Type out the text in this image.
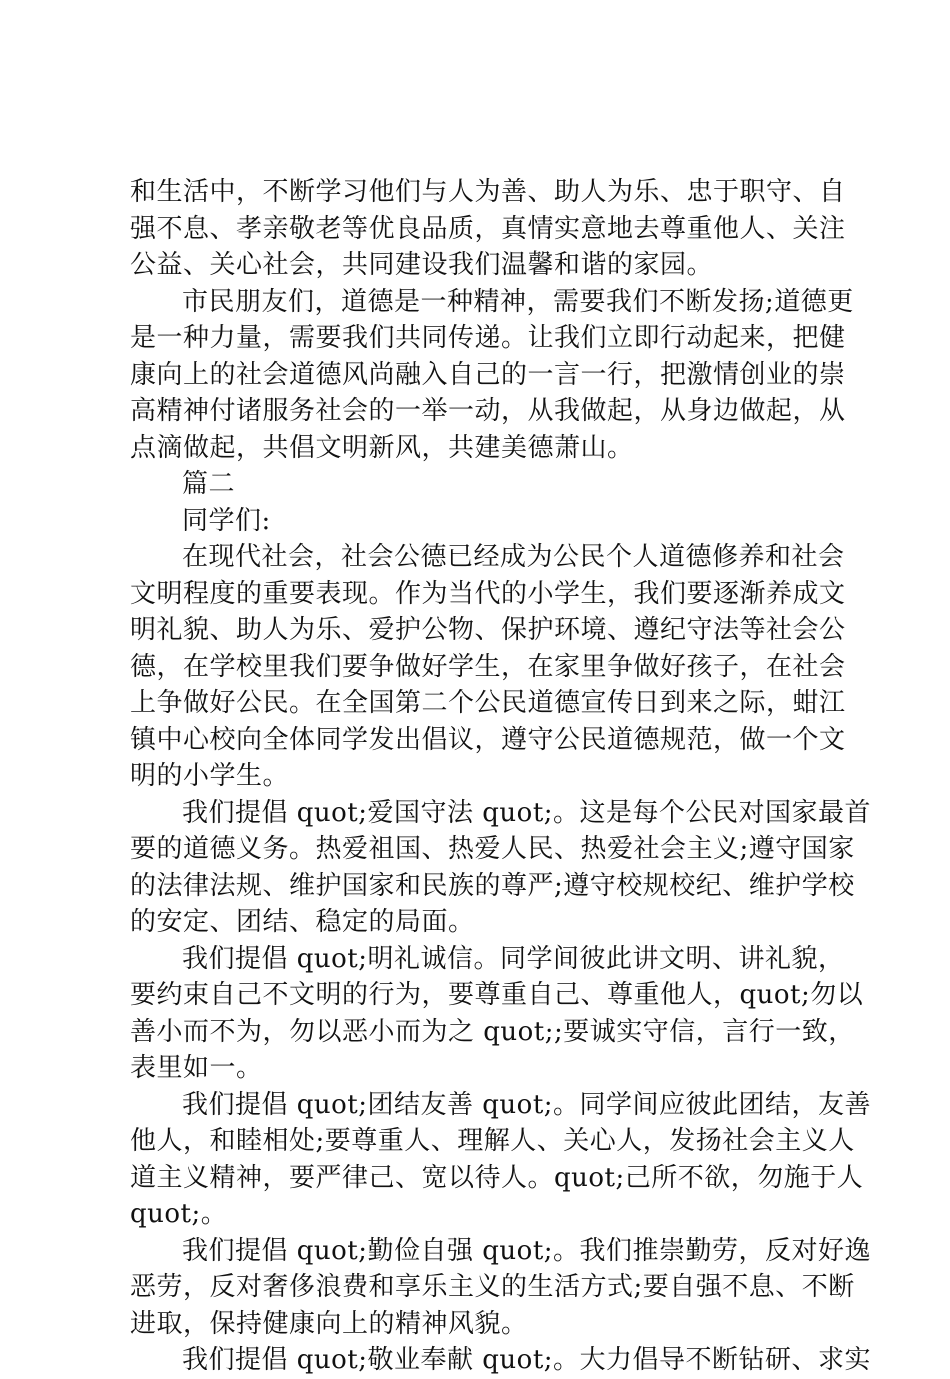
和生活中，不断学习他们与人为善、助人为乐、忠于职守、自
强不息、孝亲敬老等优良品质，真情实意地去尊重他人、关注
公益、关心社会，共同建设我们温馨和谐的家园。
市民朋友们，道德是一种精神，需要我们不断发扬;道德更
是一种力量，需要我们共同传递。让我们立即行动起来，把健
康向上的社会道德风尚融入自己的一言一行，把激情创业的崇
高精神付诸服务社会的一举一动，从我做起，从身边做起，从
点滴做起，共倡文明新风，共建美德萧山。
篇二
同学们:
在现代社会，社会公德已经成为公民个人道德修养和社会
文明程度的重要表现。作为当代的小学生，我们要逐渐养成文
明礼貌、助人为乐、爱护公物、保护环境、遵纪守法等社会公
德，在学校里我们要争做好学生，在家里争做好孩子，在社会
上争做好公民。在全国第二个公民道德宣传日到来之际，蚶江
镇中心校向全体同学发出倡议，遵守公民道德规范，做一个文
明的小学生。
我们提倡 quot;爱国守法 quot;。这是每个公民对国家最首
要的道德义务。热爱祖国、热爱人民、热爱社会主义;遵守国家
的法律法规、维护国家和民族的尊严;遵守校规校纪、维护学校
的安定、团结、稳定的局面。
我们提倡 quot;明礼诚信。同学间彼此讲文明、讲礼貌，
要约束自己不文明的行为，要尊重自己、尊重他人，quot;勿以
善小而不为，勿以恶小而为之 quot;;要诚实守信，言行一致，
表里如一。
我们提倡 quot;团结友善 quot;。同学间应彼此团结，友善
他人，和睦相处;要尊重人、理解人、关心人，发扬社会主义人
道主义精神，要严律己、宽以待人。quot;己所不欲，勿施于人
quot;。
我们提倡 quot;勤俭自强 quot;。我们推崇勤劳，反对好逸
恶劳，反对奢侈浪费和享乐主义的生活方式;要自强不息、不断
进取，保持健康向上的精神风貌。
我们提倡 quot;敬业奉献 quot;。大力倡导不断钻研、求实
